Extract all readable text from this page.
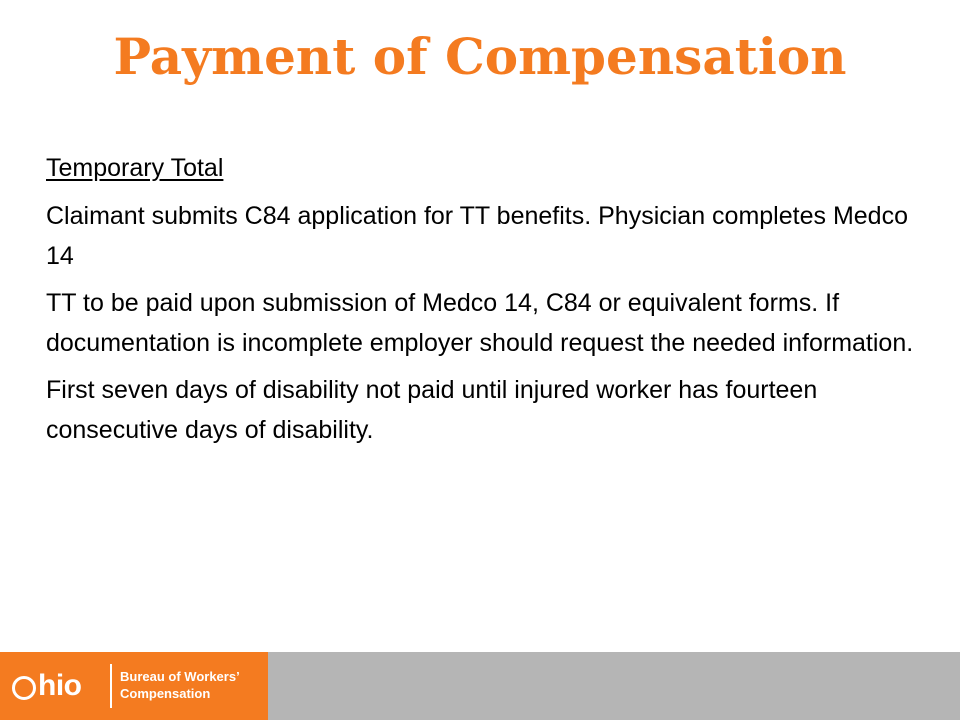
Payment of Compensation

Temporary Total

Claimant submits C84 application for TT benefits. Physician completes Medco 14

TT to be paid upon submission of Medco 14, C84 or equivalent forms. If documentation is incomplete employer should request the needed information.

First seven days of disability not paid until injured worker has fourteen consecutive days of disability.

hio	Bureau of Workers’
Compensation
